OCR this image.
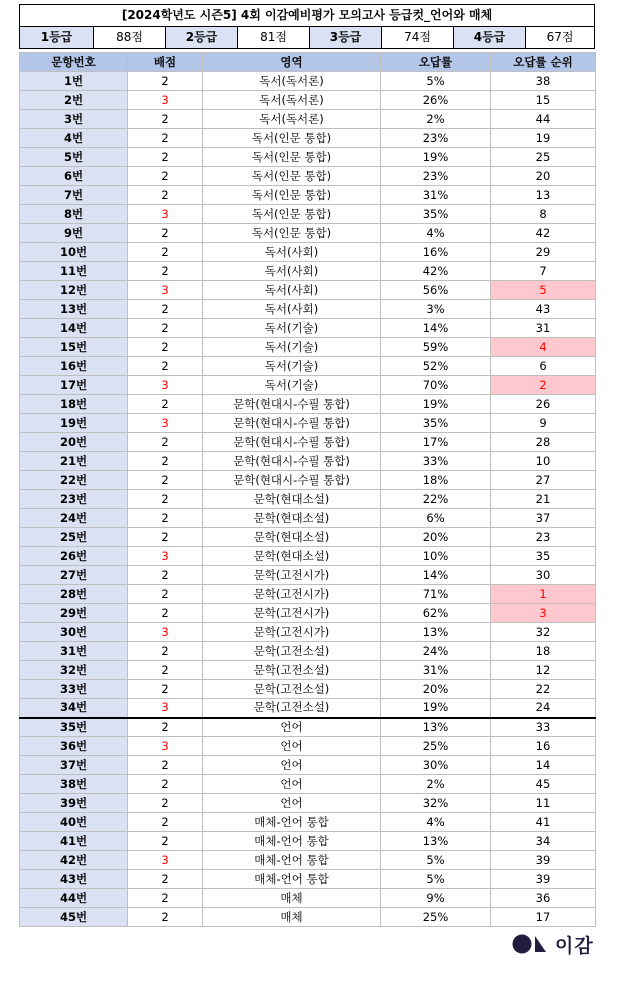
[2024학년도 시즌5] 4회 이감예비평가 모의고사 등급컷_언어와 매체
1등급	88점	2등급	81점	3등급	74점	4등급	67점
문항번호	배점	영역	오답률	오답률 순위
1번	2	독서(독서론)	5%	38
2번	3	독서(독서론)	26%	15
3번	2	독서(독서론)	2%	44
4번	2	독서(인문 통합)	23%	19
5번	2	독서(인문 통합)	19%	25
6번	2	독서(인문 통합)	23%	20
7번	2	독서(인문 통합)	31%	13
8번	3	독서(인문 통합)	35%	8
9번	2	독서(인문 통합)	4%	42
10번	2	독서(사회)	16%	29
11번	2	독서(사회)	42%	7
12번	3	독서(사회)	56%	5
13번	2	독서(사회)	3%	43
14번	2	독서(기술)	14%	31
15번	2	독서(기술)	59%	4
16번	2	독서(기술)	52%	6
17번	3	독서(기술)	70%	2
18번	2	문학(현대시-수필 통합)	19%	26
19번	3	문학(현대시-수필 통합)	35%	9
20번	2	문학(현대시-수필 통합)	17%	28
21번	2	문학(현대시-수필 통합)	33%	10
22번	2	문학(현대시-수필 통합)	18%	27
23번	2	문학(현대소설)	22%	21
24번	2	문학(현대소설)	6%	37
25번	2	문학(현대소설)	20%	23
26번	3	문학(현대소설)	10%	35
27번	2	문학(고전시가)	14%	30
28번	2	문학(고전시가)	71%	1
29번	2	문학(고전시가)	62%	3
30번	3	문학(고전시가)	13%	32
31번	2	문학(고전소설)	24%	18
32번	2	문학(고전소설)	31%	12
33번	2	문학(고전소설)	20%	22
34번	3	문학(고전소설)	19%	24
35번	2	언어	13%	33
36번	3	언어	25%	16
37번	2	언어	30%	14
38번	2	언어	2%	45
39번	2	언어	32%	11
40번	2	매체-언어 통합	4%	41
41번	2	매체-언어 통합	13%	34
42번	3	매체-언어 통합	5%	39
43번	2	매체-언어 통합	5%	39
44번	2	매체	9%	36
45번	2	매체	25%	17
이감
